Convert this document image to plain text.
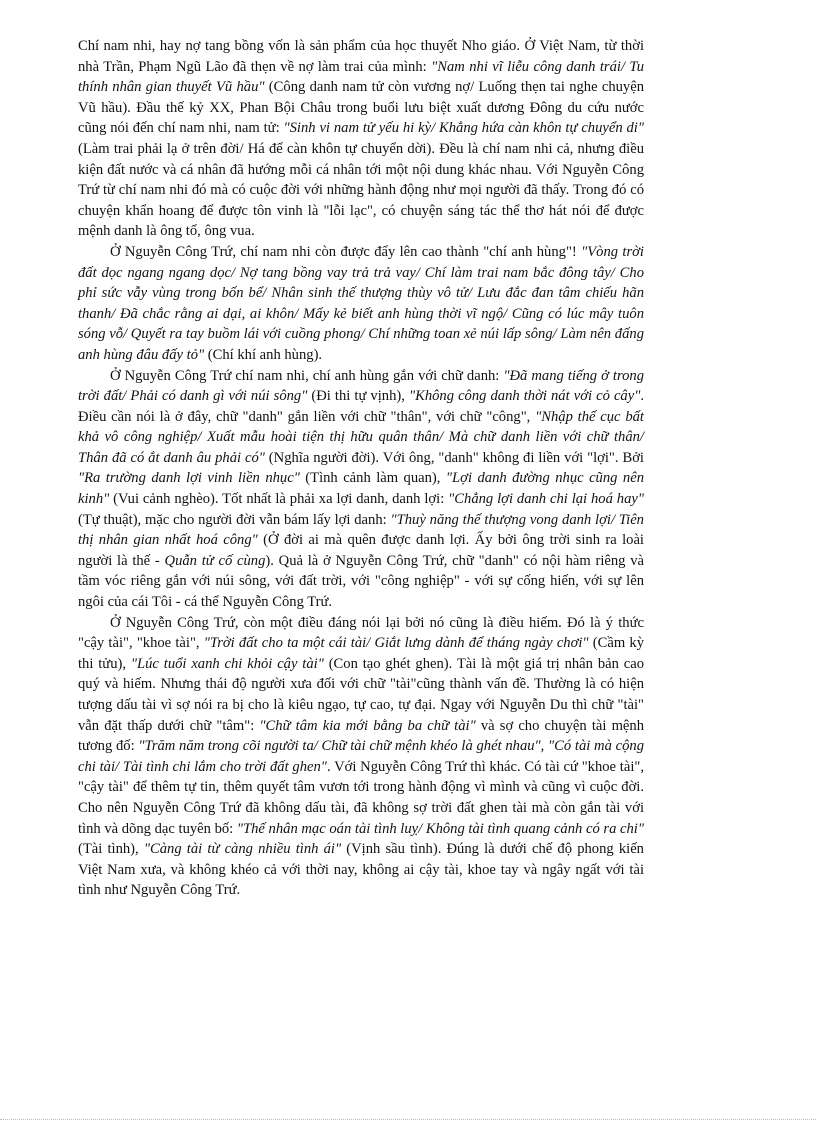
Chí nam nhi, hay nợ tang bồng vốn là sản phẩm của học thuyết Nho giáo. Ở Việt Nam, từ thời nhà Trần, Phạm Ngũ Lão đã thẹn về nợ làm trai của mình: "Nam nhi vĩ liễu công danh trái/ Tu thính nhân gian thuyết Vũ hầu" (Công danh nam tử còn vương nợ/ Luống thẹn tai nghe chuyện Vũ hầu). Đầu thế kỷ XX, Phan Bội Châu trong buổi lưu biệt xuất dương Đông du cứu nước cũng nói đến chí nam nhi, nam tử: "Sinh vi nam tử yếu hi kỳ/ Khẳng hứa càn khôn tự chuyển di" (Làm trai phải lạ ở trên đời/ Há để càn khôn tự chuyển dời). Đều là chí nam nhi cả, nhưng điều kiện đất nước và cá nhân đã hướng mỗi cá nhân tới một nội dung khác nhau. Với Nguyễn Công Trứ từ chí nam nhi đó mà có cuộc đời với những hành động như mọi người đã thấy. Trong đó có chuyện khẩn hoang để được tôn vinh là "lỗi lạc", có chuyện sáng tác thể thơ hát nói để được mệnh danh là ông tổ, ông vua.

Ở Nguyễn Công Trứ, chí nam nhi còn được đẩy lên cao thành "chí anh hùng"! "Vòng trời đất dọc ngang ngang dọc/ Nợ tang bồng vay trả trả vay/ Chí làm trai nam bắc đông tây/ Cho phỉ sức vẫy vùng trong bốn bể/ Nhân sinh thế thượng thùy vô tử/ Lưu đắc đan tâm chiếu hãn thanh/ Đã chắc rằng ai dại, ai khôn/ Mấy kẻ biết anh hùng thời vĩ ngộ/ Cũng có lúc mây tuôn sóng vỗ/ Quyết ra tay buồm lái với cuồng phong/ Chí những toan xẻ núi lấp sông/ Làm nên đấng anh hùng đâu đấy tỏ" (Chí khí anh hùng).

Ở Nguyễn Công Trứ chí nam nhi, chí anh hùng gắn với chữ danh: "Đã mang tiếng ở trong trời đất/ Phải có danh gì với núi sông" (Đi thi tự vịnh), "Không công danh thời nát với cỏ cây". Điều cần nói là ở đây, chữ "danh" gắn liền với chữ "thân", với chữ "công", "Nhập thế cục bất khả vô công nghiệp/ Xuất mẫu hoài tiện thị hữu quân thân/ Mà chữ danh liền với chữ thân/ Thân đã có ắt danh âu phải có" (Nghĩa người đời). Với ông, "danh" không đi liền với "lợi". Bởi "Ra trường danh lợi vinh liền nhục" (Tình cảnh làm quan), "Lợi danh đường nhục cũng nên kinh" (Vui cảnh nghèo). Tốt nhất là phải xa lợi danh, danh lợi: "Chẳng lợi danh chi lại hoá hay" (Tự thuật), mặc cho người đời vẫn bám lấy lợi danh: "Thuỳ năng thế thượng vong danh lợi/ Tiên thị nhân gian nhất hoá công" (Ở đời ai mà quên được danh lợi. Ấy bởi ông trời sinh ra loài người là thế - Quẫn tử cố cùng). Quả là ở Nguyễn Công Trứ, chữ "danh" có nội hàm riêng và tầm vóc riêng gắn với núi sông, với đất trời, với "công nghiệp" - với sự cống hiến, với sự lên ngôi của cái Tôi - cá thể Nguyễn Công Trứ.

Ở Nguyễn Công Trứ, còn một điều đáng nói lại bởi nó cũng là điều hiếm. Đó là ý thức "cậy tài", "khoe tài", "Trời đất cho ta một cái tài/ Giắt lưng dành để tháng ngày chơi" (Cầm kỳ thi tửu), "Lúc tuổi xanh chi khỏi cậy tài" (Con tạo ghét ghen). Tài là một giá trị nhân bản cao quý và hiếm. Nhưng thái độ người xưa đối với chữ "tài"cũng thành vấn đề. Thường là có hiện tượng dấu tài vì sợ nói ra bị cho là kiêu ngạo, tự cao, tự đại. Ngay với Nguyễn Du thì chữ "tài" vẫn đặt thấp dưới chữ "tâm": "Chữ tâm kia mới bằng ba chữ tài" và sợ cho chuyện tài mệnh tương đố: "Trăm năm trong cõi người ta/ Chữ tài chữ mệnh khéo là ghét nhau", "Có tài mà cộng chi tài/ Tài tình chi lắm cho trời đất ghen". Với Nguyễn Công Trứ thì khác. Có tài cứ "khoe tài", "cậy tài" để thêm tự tin, thêm quyết tâm vươn tới trong hành động vì mình và cũng vì cuộc đời. Cho nên Nguyễn Công Trứ đã không dấu tài, đã không sợ trời đất ghen tài mà còn gắn tài với tình và dõng dạc tuyên bố: "Thế nhân mạc oán tài tình luỵ/ Không tài tình quang cảnh có ra chi" (Tài tình), "Càng tài từ càng nhiều tình ái" (Vịnh sầu tình). Đúng là dưới chế độ phong kiến Việt Nam xưa, và không khéo cả với thời nay, không ai cậy tài, khoe tay và ngây ngất với tài tình như Nguyễn Công Trứ.
